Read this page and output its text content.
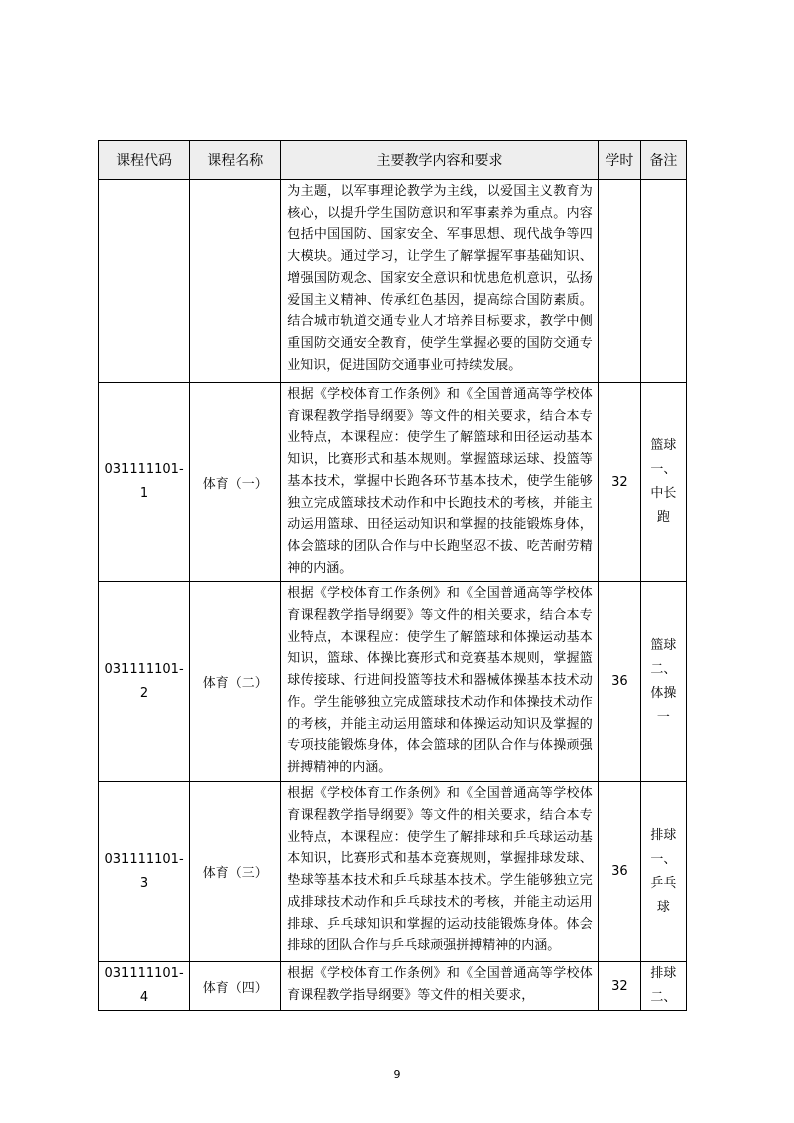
课程代码	课程名称	主要教学内容和要求	学时	备注
		为主题，以军事理论教学为主线，以爱国主义教育为核心，以提升学生国防意识和军事素养为重点。内容包括中国国防、国家安全、军事思想、现代战争等四大模块。通过学习，让学生了解掌握军事基础知识、增强国防观念、国家安全意识和忧患危机意识，弘扬爱国主义精神、传承红色基因，提高综合国防素质。结合城市轨道交通专业人才培养目标要求，教学中侧重国防交通安全教育，使学生掌握必要的国防交通专业知识，促进国防交通事业可持续发展。		
031111101-1	体育（一）	根据《学校体育工作条例》和《全国普通高等学校体育课程教学指导纲要》等文件的相关要求，结合本专业特点，本课程应：使学生了解篮球和田径运动基本知识，比赛形式和基本规则。掌握篮球运球、投篮等基本技术，掌握中长跑各环节基本技术，使学生能够独立完成篮球技术动作和中长跑技术的考核，并能主动运用篮球、田径运动知识和掌握的技能锻炼身体，体会篮球的团队合作与中长跑坚忍不拔、吃苦耐劳精神的内涵。	32	篮球一、中长跑
031111101-2	体育（二）	根据《学校体育工作条例》和《全国普通高等学校体育课程教学指导纲要》等文件的相关要求，结合本专业特点，本课程应：使学生了解篮球和体操运动基本知识，篮球、体操比赛形式和竞赛基本规则，掌握篮球传接球、行进间投篮等技术和器械体操基本技术动作。学生能够独立完成篮球技术动作和体操技术动作的考核，并能主动运用篮球和体操运动知识及掌握的专项技能锻炼身体，体会篮球的团队合作与体操顽强拼搏精神的内涵。	36	篮球二、体操一
031111101-3	体育（三）	根据《学校体育工作条例》和《全国普通高等学校体育课程教学指导纲要》等文件的相关要求，结合本专业特点，本课程应：使学生了解排球和乒乓球运动基本知识，比赛形式和基本竞赛规则，掌握排球发球、垫球等基本技术和乒乓球基本技术。学生能够独立完成排球技术动作和乒乓球技术的考核，并能主动运用排球、乒乓球知识和掌握的运动技能锻炼身体。体会排球的团队合作与乒乓球顽强拼搏精神的内涵。	36	排球一、乒乓球
031111101-4	体育（四）	根据《学校体育工作条例》和《全国普通高等学校体育课程教学指导纲要》等文件的相关要求，	32	排球二、
9
